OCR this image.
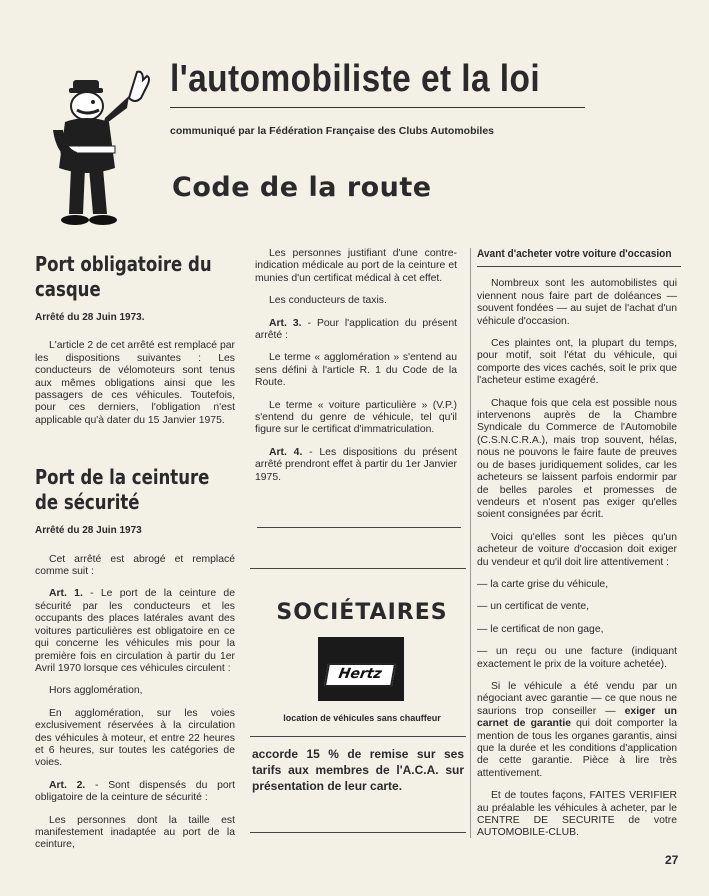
l'automobiliste et la loi
communiqué par la Fédération Française des Clubs Automobiles
Code de la route
Port obligatoire du casque
Arrêté du 28 Juin 1973.

L'article 2 de cet arrêté est remplacé par les dispositions suivantes : Les conducteurs de vélomoteurs sont tenus aux mêmes obligations ainsi que les passagers de ces véhicules. Toutefois, pour ces derniers, l'obligation n'est applicable qu'à dater du 15 Janvier 1975.

Port de la ceinture de sécurité
Arrêté du 28 Juin 1973

Cet arrêté est abrogé et remplacé comme suit :

Art. 1. - Le port de la ceinture de sécurité par les conducteurs et les occupants des places latérales avant des voitures particulières est obligatoire en ce qui concerne les véhicules mis pour la première fois en circulation à partir du 1er Avril 1970 lorsque ces véhicules circulent :

Hors agglomération,

En agglomération, sur les voies exclusivement réservées à la circulation des véhicules à moteur, et entre 22 heures et 6 heures, sur toutes les catégories de voies.

Art. 2. - Sont dispensés du port obligatoire de la ceinture de sécurité :

Les personnes dont la taille est manifestement inadaptée au port de la ceinture,

Les personnes justifiant d'une contre-indication médicale au port de la ceinture et munies d'un certificat médical à cet effet.

Les conducteurs de taxis.

Art. 3. - Pour l'application du présent arrêté :

Le terme « agglomération » s'entend au sens défini à l'article R. 1 du Code de la Route.

Le terme « voiture particulière » (V.P.) s'entend du genre de véhicule, tel qu'il figure sur le certificat d'immatriculation.

Art. 4. - Les dispositions du présent arrêté prendront effet à partir du 1er Janvier 1975.

SOCIÉTAIRES
Hertz
location de véhicules sans chauffeur
accorde 15 % de remise sur ses tarifs aux membres de l'A.C.A. sur présentation de leur carte.
Avant d'acheter votre voiture d'occasion

Nombreux sont les automobilistes qui viennent nous faire part de doléances — souvent fondées — au sujet de l'achat d'un véhicule d'occasion.

Ces plaintes ont, la plupart du temps, pour motif, soit l'état du véhicule, qui comporte des vices cachés, soit le prix que l'acheteur estime exagéré.

Chaque fois que cela est possible nous intervenons auprès de la Chambre Syndicale du Commerce de l'Automobile (C.S.N.C.R.A.), mais trop souvent, hélas, nous ne pouvons le faire faute de preuves ou de bases juridiquement solides, car les acheteurs se laissent parfois endormir par de belles paroles et promesses de vendeurs et n'osent pas exiger qu'elles soient consignées par écrit.

Voici qu'elles sont les pièces qu'un acheteur de voiture d'occasion doit exiger du vendeur et qu'il doit lire attentivement :

— la carte grise du véhicule,

— un certificat de vente,

— le certificat de non gage,

— un reçu ou une facture (indiquant exactement le prix de la voiture achetée).

Si le véhicule a été vendu par un négociant avec garantie — ce que nous ne saurions trop conseiller — exiger un carnet de garantie qui doit comporter la mention de tous les organes garantis, ainsi que la durée et les conditions d'application de cette garantie. Pièce à lire très attentivement.

Et de toutes façons, FAITES VERIFIER au préalable les véhicules à acheter, par le CENTRE DE SECURITE de votre AUTOMOBILE-CLUB.

27
